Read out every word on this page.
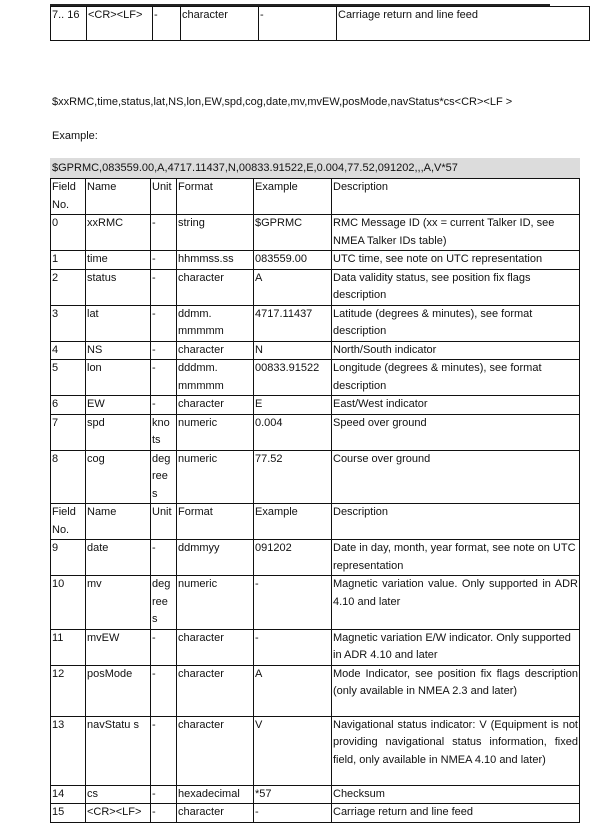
7.. 16	<CR><LF>	-	character	-	Carriage return and line feed
$xxRMC,time,status,lat,NS,lon,EW,spd,cog,date,mv,mvEW,posMode,navStatus*cs<CR><LF >
Example:
$GPRMC,083559.00,A,4717.11437,N,00833.91522,E,0.004,77.52,091202,,,A,V*57
Field No.	Name	Unit	Format	Example	Description
0	xxRMC	-	string	$GPRMC	RMC Message ID (xx = current Talker ID, see NMEA Talker IDs table)
1	time	-	hhmmss.ss	083559.00	UTC time, see note on UTC representation
2	status	-	character	A	Data validity status, see position fix flags description
3	lat	-	ddmm. mmmmm	4717.11437	Latitude (degrees & minutes), see format description
4	NS	-	character	N	North/South indicator
5	lon	-	dddmm. mmmmm	00833.91522	Longitude (degrees & minutes), see format description
6	EW	-	character	E	East/West indicator
7	spd	kno ts	numeric	0.004	Speed over ground
8	cog	deg ree s	numeric	77.52	Course over ground
Field No.	Name	Unit	Format	Example	Description
9	date	-	ddmmyy	091202	Date in day, month, year format, see note on UTC representation
10	mv	deg ree s	numeric	-	Magnetic variation value. Only supported in ADR 4.10 and later
11	mvEW	-	character	-	Magnetic variation E/W indicator. Only supported in ADR 4.10 and later
12	posMode	-	character	A	Mode Indicator, see position fix flags description (only available in NMEA 2.3 and later)
13	navStatu s	-	character	V	Navigational status indicator: V (Equipment is not providing navigational status information, fixed field, only available in NMEA 4.10 and later)
14	cs	-	hexadecimal	*57	Checksum
15	<CR><LF>	-	character	-	Carriage return and line feed
